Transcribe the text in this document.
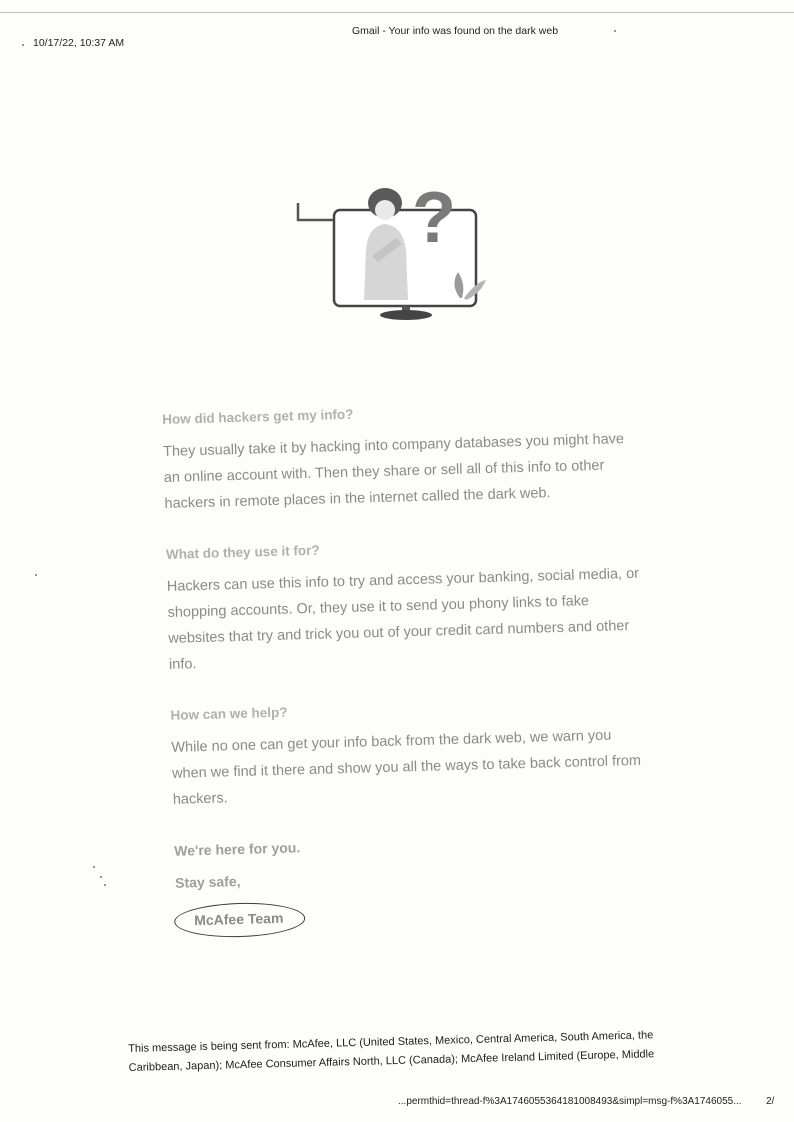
10/17/22, 10:37 AM
Gmail - Your info was found on the dark web
?
How did hackers get my info?

They usually take it by hacking into company databases you might have an online account with. Then they share or sell all of this info to other hackers in remote places in the internet called the dark web.

What do they use it for?

Hackers can use this info to try and access your banking, social media, or shopping accounts. Or, they use it to send you phony links to fake websites that try and trick you out of your credit card numbers and other info.

How can we help?

While no one can get your info back from the dark web, we warn you when we find it there and show you all the ways to take back control from hackers.

We're here for you.
Stay safe,
McAfee Team
This message is being sent from: McAfee, LLC (United States, Mexico, Central America, South America, the Caribbean, Japan); McAfee Consumer Affairs North, LLC (Canada); McAfee Ireland Limited (Europe, Middle
...permthid=thread-f%3A1746055364181008493&simpl=msg-f%3A1746055... 2/
